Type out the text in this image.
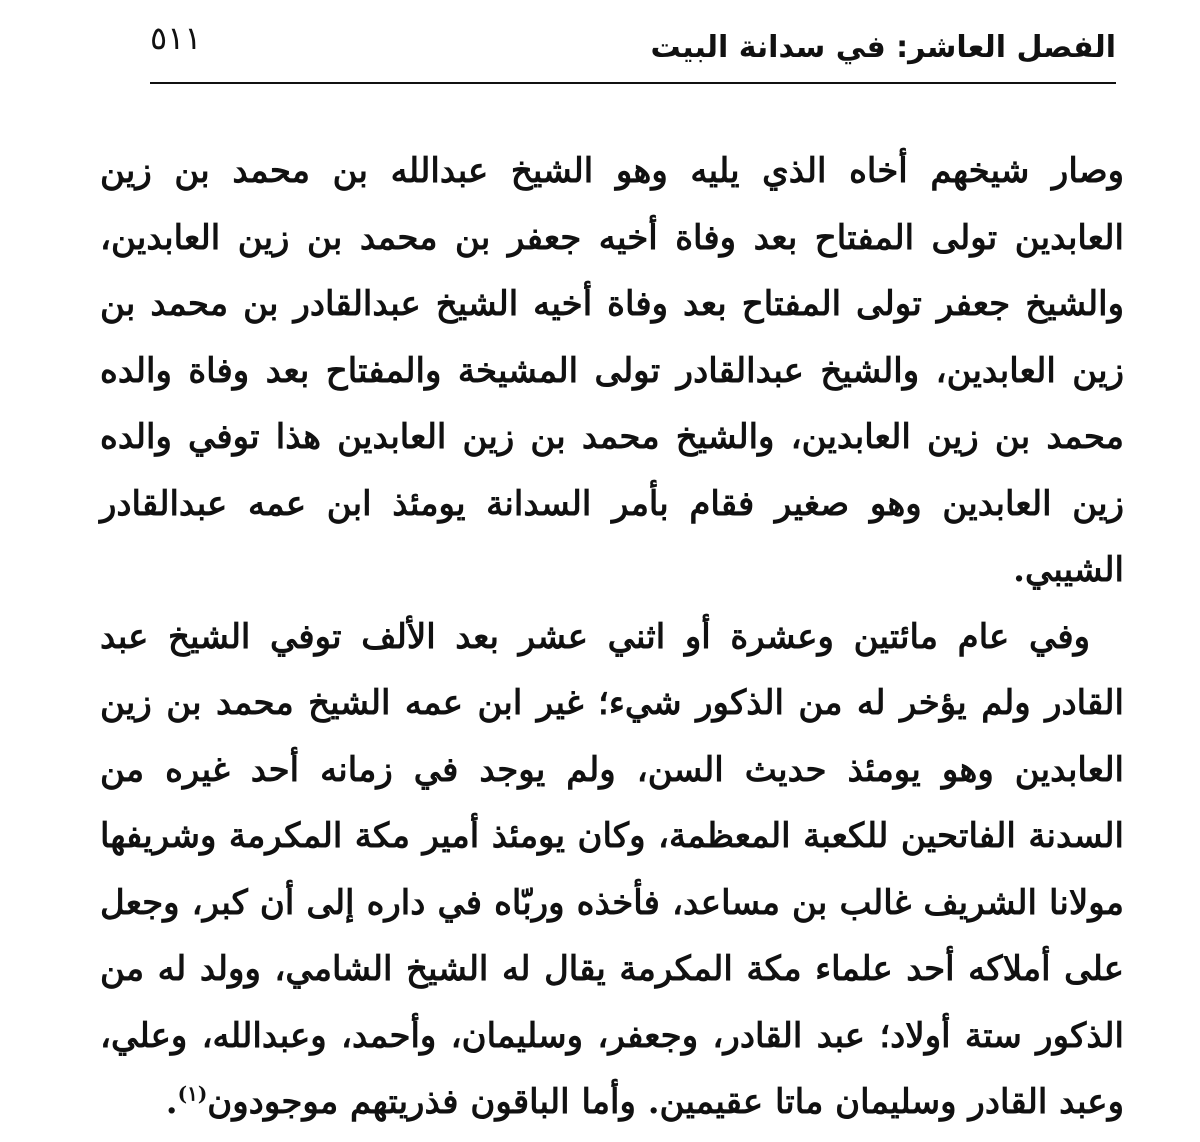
الفصل العاشر: في سدانة البيت
٥١١

وصار شيخهم أخاه الذي يليه وهو الشيخ عبدالله بن محمد بن زين العابدين تولى المفتاح بعد وفاة أخيه جعفر بن محمد بن زين العابدين، والشيخ جعفر تولى المفتاح بعد وفاة أخيه الشيخ عبدالقادر بن محمد بن زين العابدين، والشيخ عبدالقادر تولى المشيخة والمفتاح بعد وفاة والده محمد بن زين العابدين، والشيخ محمد بن زين العابدين هذا توفي والده زين العابدين وهو صغير فقام بأمر السدانة يومئذ ابن عمه عبدالقادر الشيبي.

وفي عام مائتين وعشرة أو اثني عشر بعد الألف توفي الشيخ عبد القادر ولم يؤخر له من الذكور شيء؛ غير ابن عمه الشيخ محمد بن زين العابدين وهو يومئذ حديث السن، ولم يوجد في زمانه أحد غيره من السدنة الفاتحين للكعبة المعظمة، وكان يومئذ أمير مكة المكرمة وشريفها مولانا الشريف غالب بن مساعد، فأخذه وربّاه في داره إلى أن كبر، وجعل على أملاكه أحد علماء مكة المكرمة يقال له الشيخ الشامي، وولد له من الذكور ستة أولاد؛ عبد القادر، وجعفر، وسليمان، وأحمد، وعبدالله، وعلي، وعبد القادر وسليمان ماتا عقيمين. وأما الباقون فذريتهم موجودون$^{(١)}$.
